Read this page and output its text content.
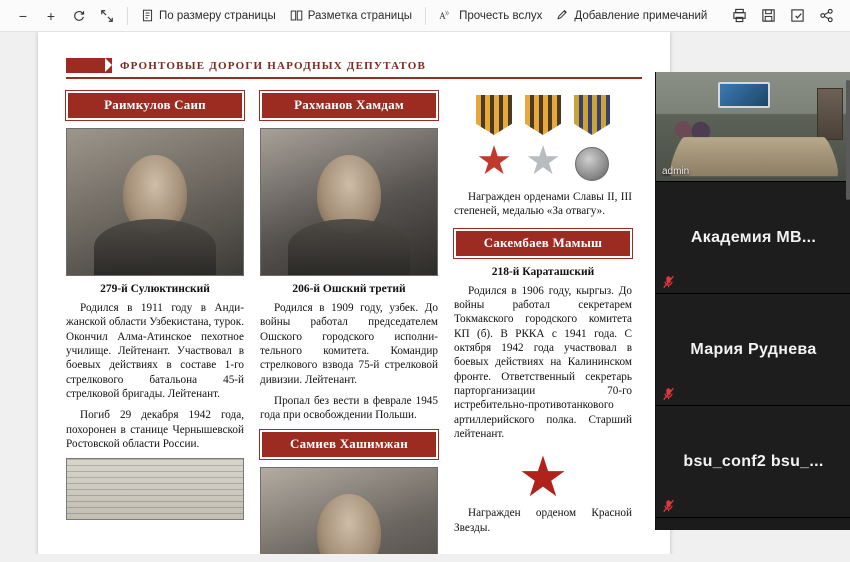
− +	По размеру страницы	Разметка страницы A )) Прочесть вслух	Добавление примечаний
ФРОНТОВЫЕ ДОРОГИ НАРОДНЫХ ДЕПУТАТОВ
Раимкулов Саип
279-й Сулюктинский

Родился в 1911 году в Андижанской области Узбекистана, турок. Окончил Алма-Атинское пехотное училище. Лейтенант. Участвовал в боевых действиях в составе 1-го стрелкового батальона 45-й стрелковой бригады. Лейтенант.

Погиб 29 декабря 1942 года, похоронен в станице Чернышевской Ростовской области России.

Рахманов Хамдам
206-й Ошский третий

Родился в 1909 году, узбек. До войны работал председателем Ошского городского исполнительного комитета. Командир стрелкового взвода 75-й стрелковой дивизии. Лейтенант.

Пропал без вести в феврале 1945 года при освобождении Польши.

Самиев Хашимжан
★ ★

Награжден орденами Славы II, III степеней, медалью «За отвагу».

Сакембаев Мамыш
218-й Караташский

Родился в 1906 году, кыргыз. До войны работал секретарем Токмакского городского комитета КП (б). В РККА с 1941 года. С октября 1942 года участвовал в боевых действиях на Калининском фронте. Ответственный секретарь парторганизации 70-го истребительно-противотанкового артиллерийского полка. Старший лейтенант.

★

Награжден орденом Красной Звезды.

admin
Академия МВ...
Мария Руднева
bsu_conf2 bsu_...
